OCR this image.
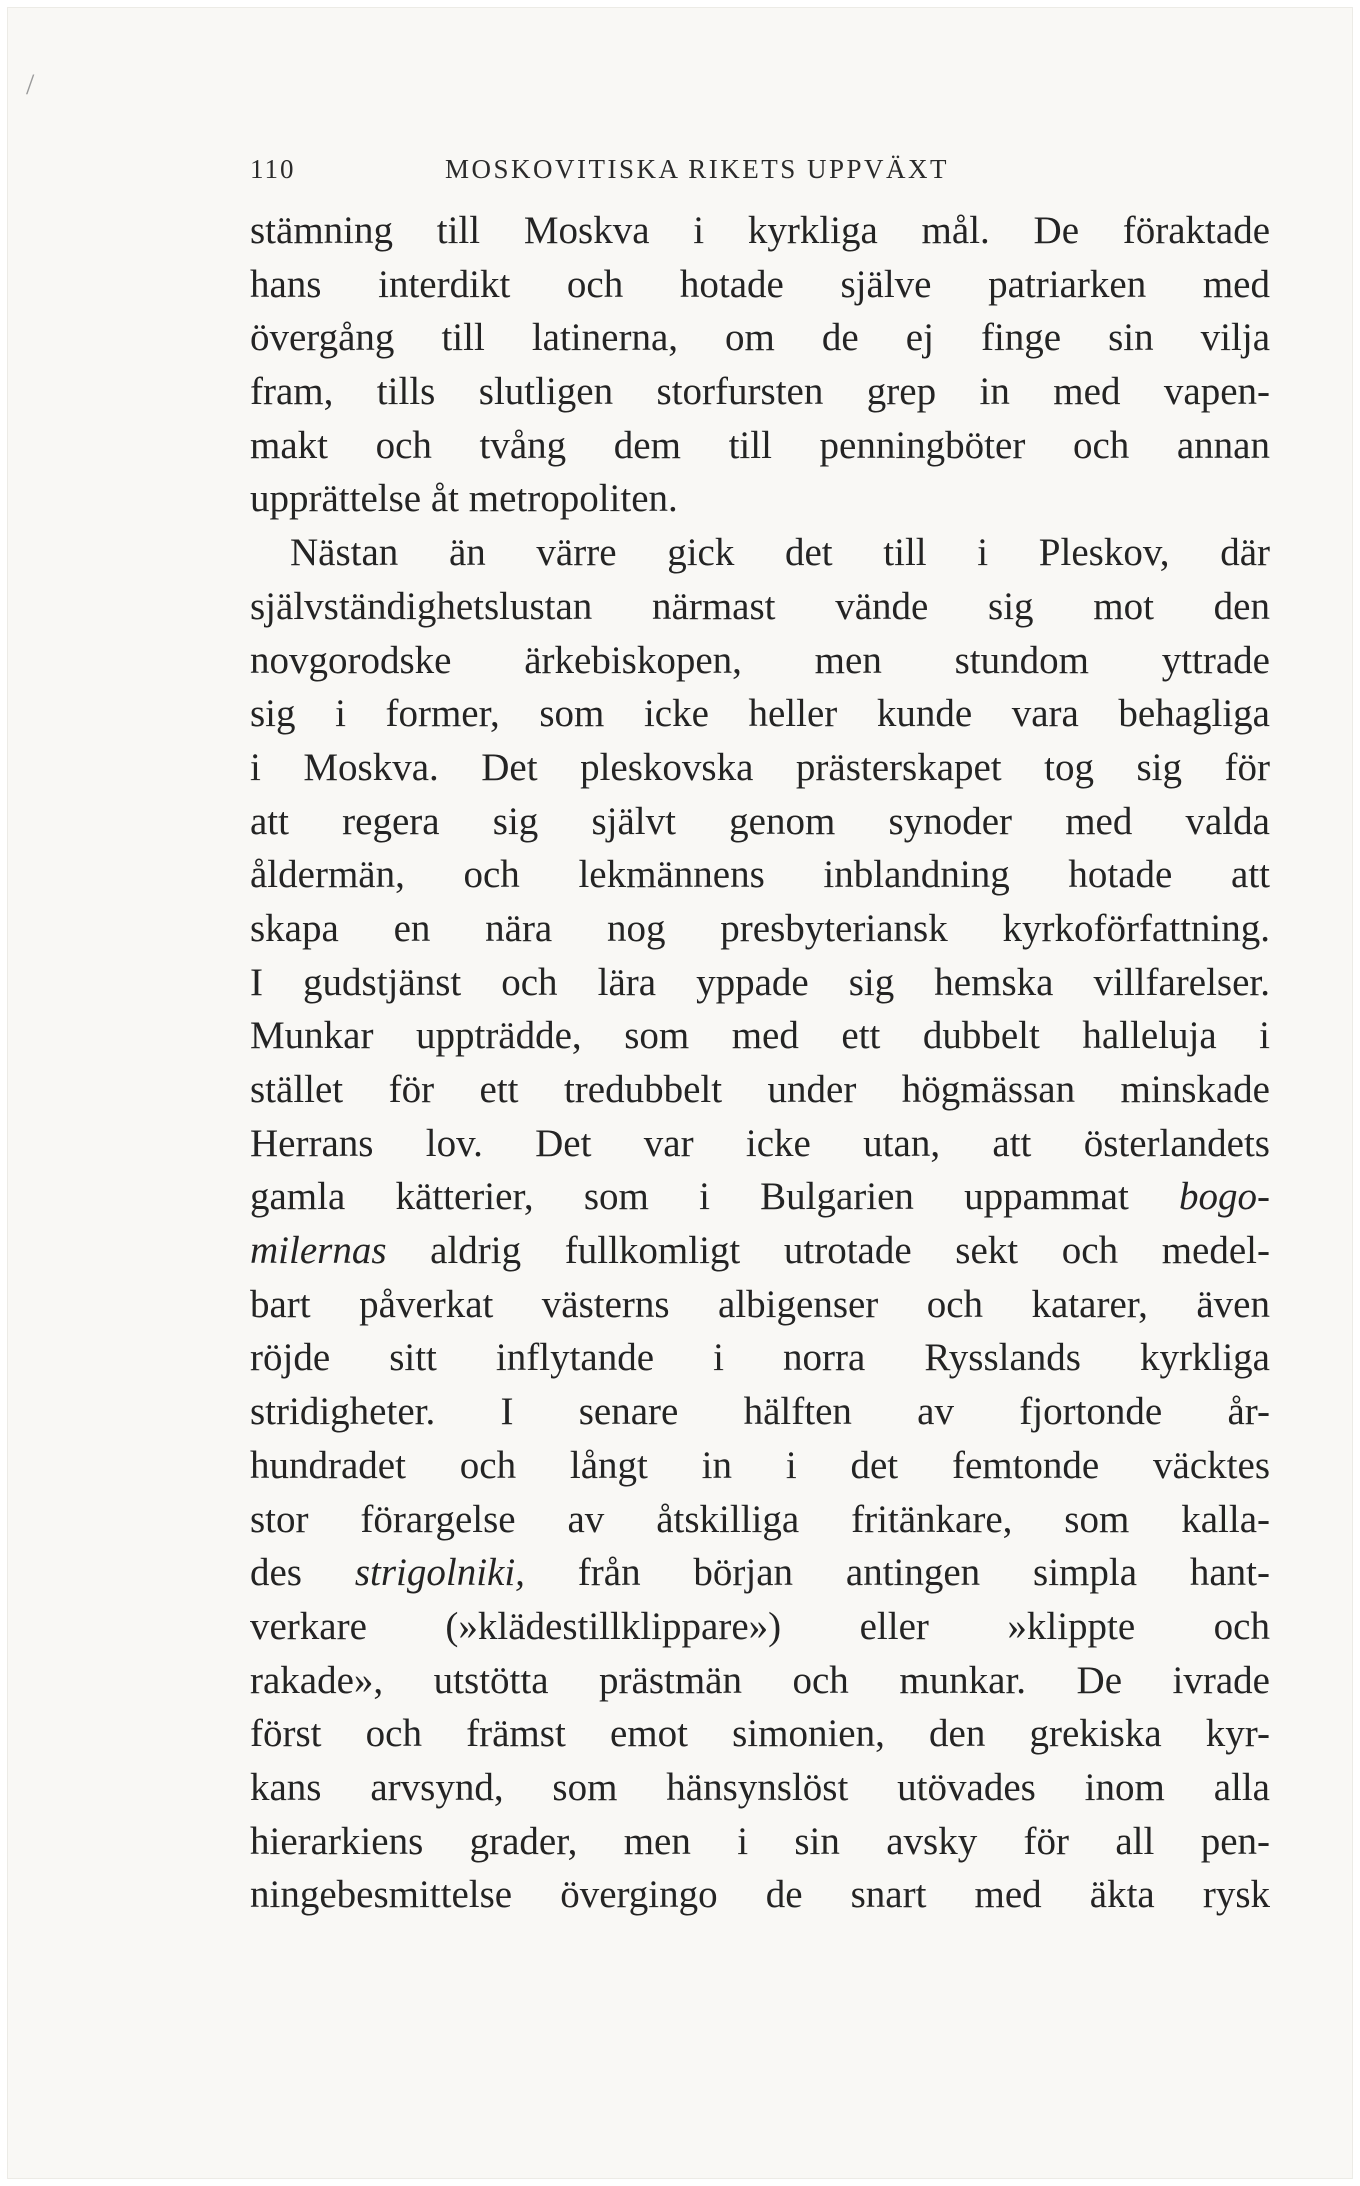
/
110	MOSKOVITISKA RIKETS UPPVÄXT
stämning till Moskva i kyrkliga mål. De föraktade
hans interdikt och hotade själve patriarken med
övergång till latinerna, om de ej finge sin vilja
fram, tills slutligen storfursten grep in med vapen-
makt och tvång dem till penningböter och annan
upprättelse åt metropoliten.
Nästan än värre gick det till i Pleskov, där
självständighetslustan närmast vände sig mot den
novgorodske ärkebiskopen, men stundom yttrade
sig i former, som icke heller kunde vara behagliga
i Moskva. Det pleskovska prästerskapet tog sig för
att regera sig självt genom synoder med valda
åldermän, och lekmännens inblandning hotade att
skapa en nära nog presbyteriansk kyrkoförfattning.
I gudstjänst och lära yppade sig hemska villfarelser.
Munkar uppträdde, som med ett dubbelt halleluja i
stället för ett tredubbelt under högmässan minskade
Herrans lov. Det var icke utan, att österlandets
gamla kätterier, som i Bulgarien uppammat bogo-
milernas aldrig fullkomligt utrotade sekt och medel-
bart påverkat västerns albigenser och katarer, även
röjde sitt inflytande i norra Rysslands kyrkliga
stridigheter. I senare hälften av fjortonde år-
hundradet och långt in i det femtonde väcktes
stor förargelse av åtskilliga fritänkare, som kalla-
des strigolniki, från början antingen simpla hant-
verkare (»klädestillklippare») eller »klippte och
rakade», utstötta prästmän och munkar. De ivrade
först och främst emot simonien, den grekiska kyr-
kans arvsynd, som hänsynslöst utövades inom alla
hierarkiens grader, men i sin avsky för all pen-
ningebesmittelse övergingo de snart med äkta rysk
